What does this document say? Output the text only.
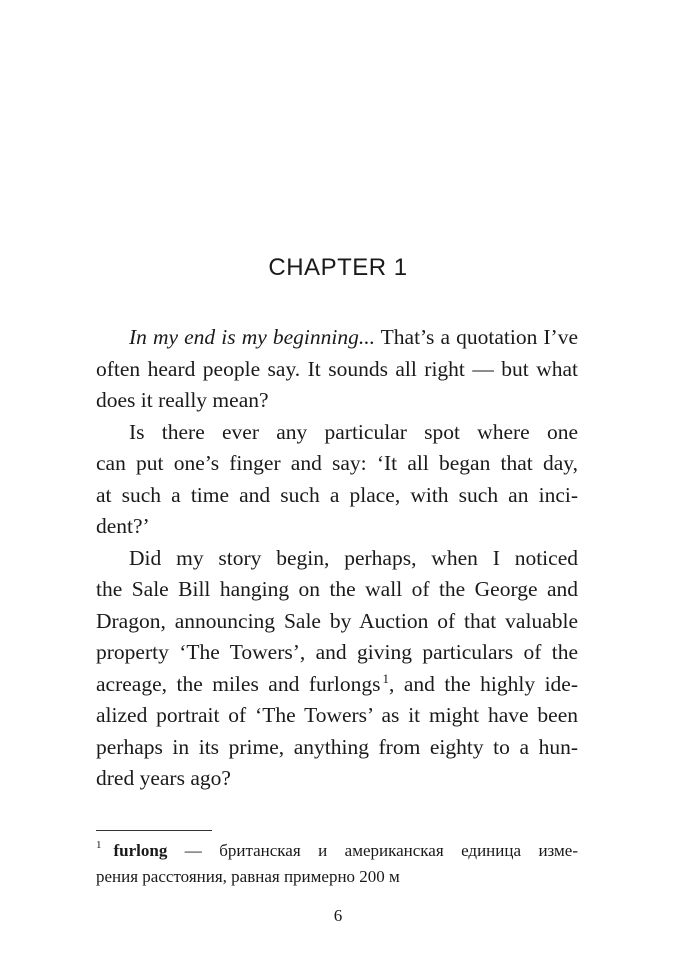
CHAPTER 1
In my end is my beginning... That’s a quotation I’ve
often heard people say. It sounds all right — but what
does it really mean?
Is there ever any particular spot where one
can put one’s finger and say: ‘It all began that day,
at such a time and such a place, with such an inci-
dent?’
Did my story begin, perhaps, when I noticed
the Sale Bill hanging on the wall of the George and
Dragon, announcing Sale by Auction of that valuable
property ‘The Towers’, and giving particulars of the
acreage, the miles and furlongs $^1$, and the highly ide-
alized portrait of ‘The Towers’ as it might have been
perhaps in its prime, anything from eighty to a hun-
dred years ago?
$^1$ furlong — британская и американская единица изме-
рения расстояния, равная примерно 200 м
6
